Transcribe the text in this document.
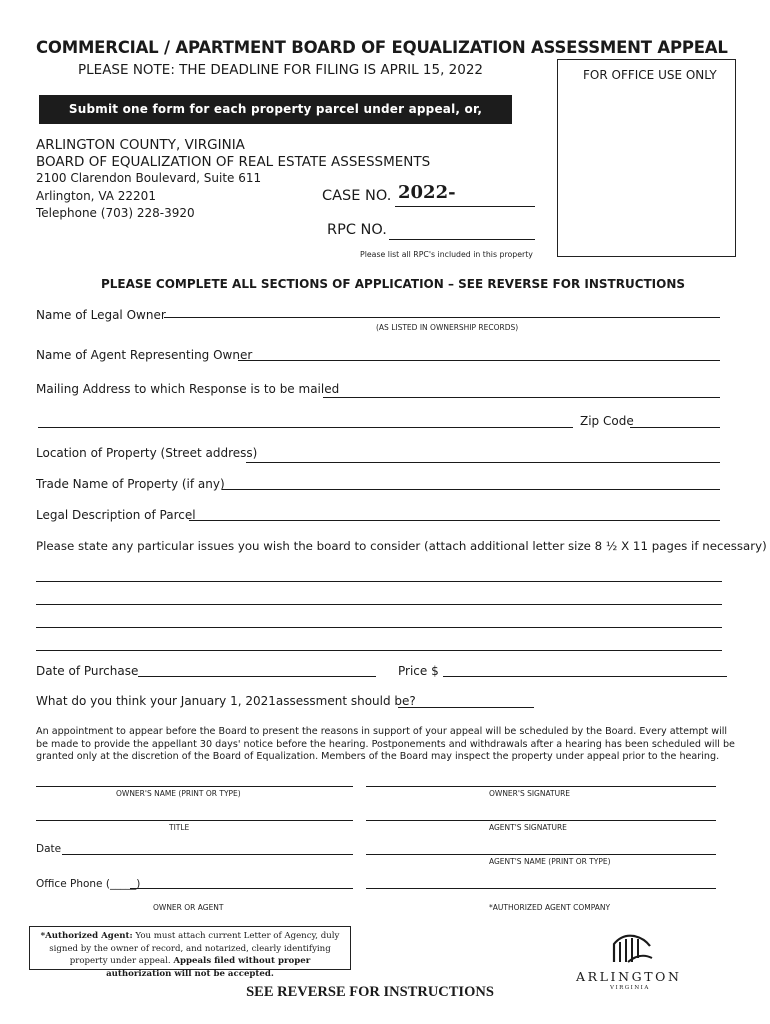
COMMERCIAL / APARTMENT BOARD OF EQUALIZATION ASSESSMENT APPEAL
PLEASE NOTE: THE DEADLINE FOR FILING IS APRIL 15, 2022	FOR OFFICE USE ONLY
Submit one form for each property parcel under appeal, or, Economic Unit.
ARLINGTON COUNTY, VIRGINIA
BOARD OF EQUALIZATION OF REAL ESTATE ASSESSMENTS
2100 Clarendon Boulevard, Suite 611
Arlington, VA 22201
Telephone (703) 228-3920
CASE NO. 2022-
RPC NO.
Please list all RPC's included in this property
PLEASE COMPLETE ALL SECTIONS OF APPLICATION – SEE REVERSE FOR INSTRUCTIONS
Name of Legal Owner
(AS LISTED IN OWNERSHIP RECORDS)
Name of Agent Representing Owner
Mailing Address to which Response is to be mailed
Zip Code
Location of Property (Street address)
Trade Name of Property (if any)
Legal Description of Parcel
Please state any particular issues you wish the board to consider (attach additional letter size 8 ½ X 11 pages if necessary)
Date of Purchase	Price $
What do you think your January 1, 2021assessment should be?
An appointment to appear before the Board to present the reasons in support of your appeal will be scheduled by the Board. Every attempt will be made to provide the appellant 30 days' notice before the hearing. Postponements and withdrawals after a hearing has been scheduled will be granted only at the discretion of the Board of Equalization. Members of the Board may inspect the property under appeal prior to the hearing.
OWNER'S NAME (PRINT OR TYPE)	OWNER'S SIGNATURE
TITLE	AGENT'S SIGNATURE
Date
AGENT'S NAME (PRINT OR TYPE)
Office Phone (_____)
OWNER OR AGENT	*AUTHORIZED AGENT COMPANY
*Authorized Agent: You must attach current Letter of Agency, duly signed by the owner of record, and notarized, clearly identifying property under appeal. Appeals filed without proper authorization will not be accepted.	ARLINGTON
VIRGINIA
SEE REVERSE FOR INSTRUCTIONS
